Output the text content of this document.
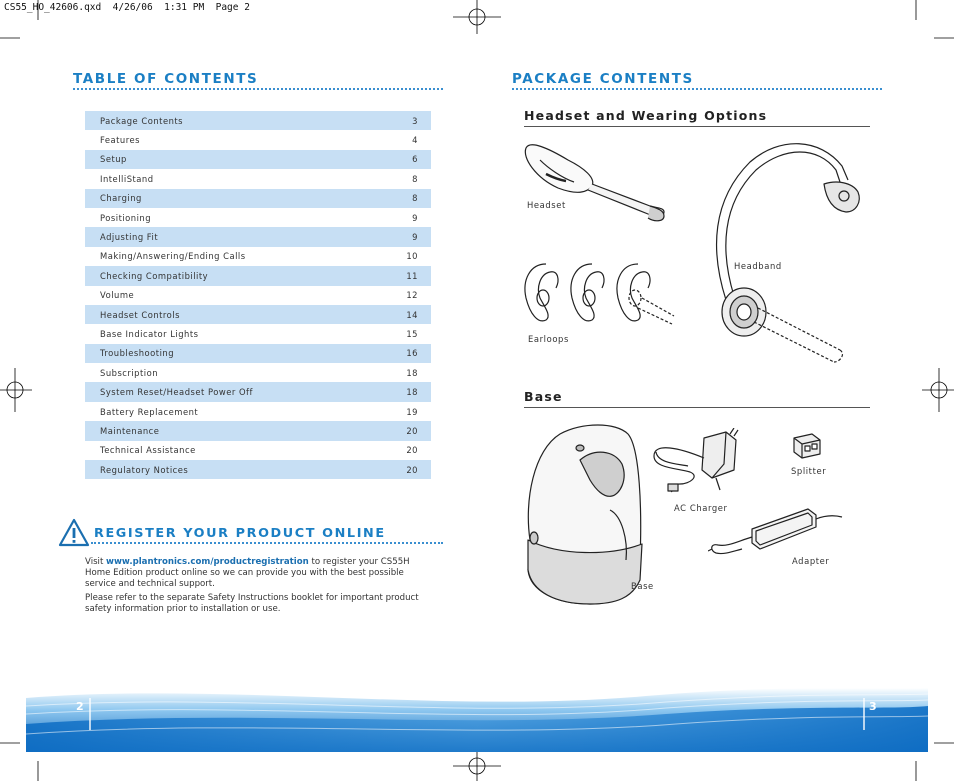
CS55_HO_42606.qxd  4/26/06  1:31 PM  Page 2
TABLE OF CONTENTS
Package Contents	3
Features	4
Setup	6
IntelliStand	8
Charging	8
Positioning	9
Adjusting Fit	9
Making/Answering/Ending Calls	10
Checking Compatibility	11
Volume	12
Headset Controls	14
Base Indicator Lights	15
Troubleshooting	16
Subscription	18
System Reset/Headset Power Off	18
Battery Replacement	19
Maintenance	20
Technical Assistance	20
Regulatory Notices	20
REGISTER YOUR PRODUCT ONLINE

Visit www.plantronics.com/productregistration to register your CS55H Home Edition product online so we can provide you with the best possible service and technical support.

Please refer to the separate Safety Instructions booklet for important product safety information prior to installation or use.

PACKAGE CONTENTS
Headset and Wearing Options
Headset
Earloops
Headband
Base
Base
AC Charger
Splitter
Adapter
2	3
